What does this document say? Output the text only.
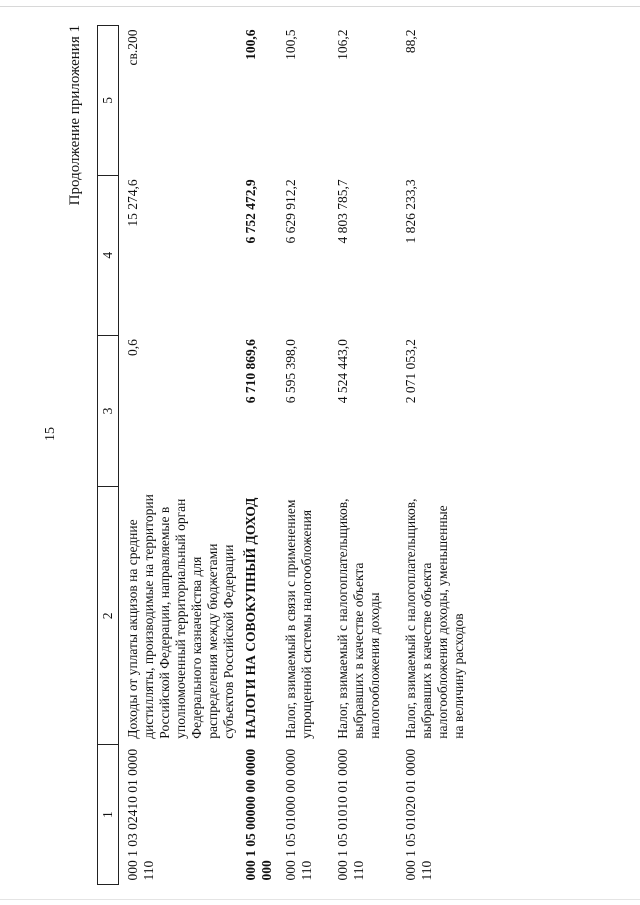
15
Продолжение приложения 1
1	2	3	4	5
000 1 03 02410 01 0000 110	Доходы от уплаты акцизов на средние дистилляты, производимые на территории Российской Федерации, направляемые в уполномоченный территориальный орган Федерального казначейства для распределения между бюджетами субъектов Российской Федерации	0,6	15 274,6	св.200
000 1 05 00000 00 0000 000	НАЛОГИ НА СОВОКУПНЫЙ ДОХОД	6 710 869,6	6 752 472,9	100,6
000 1 05 01000 00 0000 110	Налог, взимаемый в связи с применением упрощенной системы налогообложения	6 595 398,0	6 629 912,2	100,5
000 1 05 01010 01 0000 110	Налог, взимаемый с налогоплательщиков, выбравших в качестве объекта налогообложения доходы	4 524 443,0	4 803 785,7	106,2
000 1 05 01020 01 0000 110	Налог, взимаемый с налогоплательщиков, выбравших в качестве объекта налогообложения доходы, уменьшенные на величину расходов	2 071 053,2	1 826 233,3	88,2
